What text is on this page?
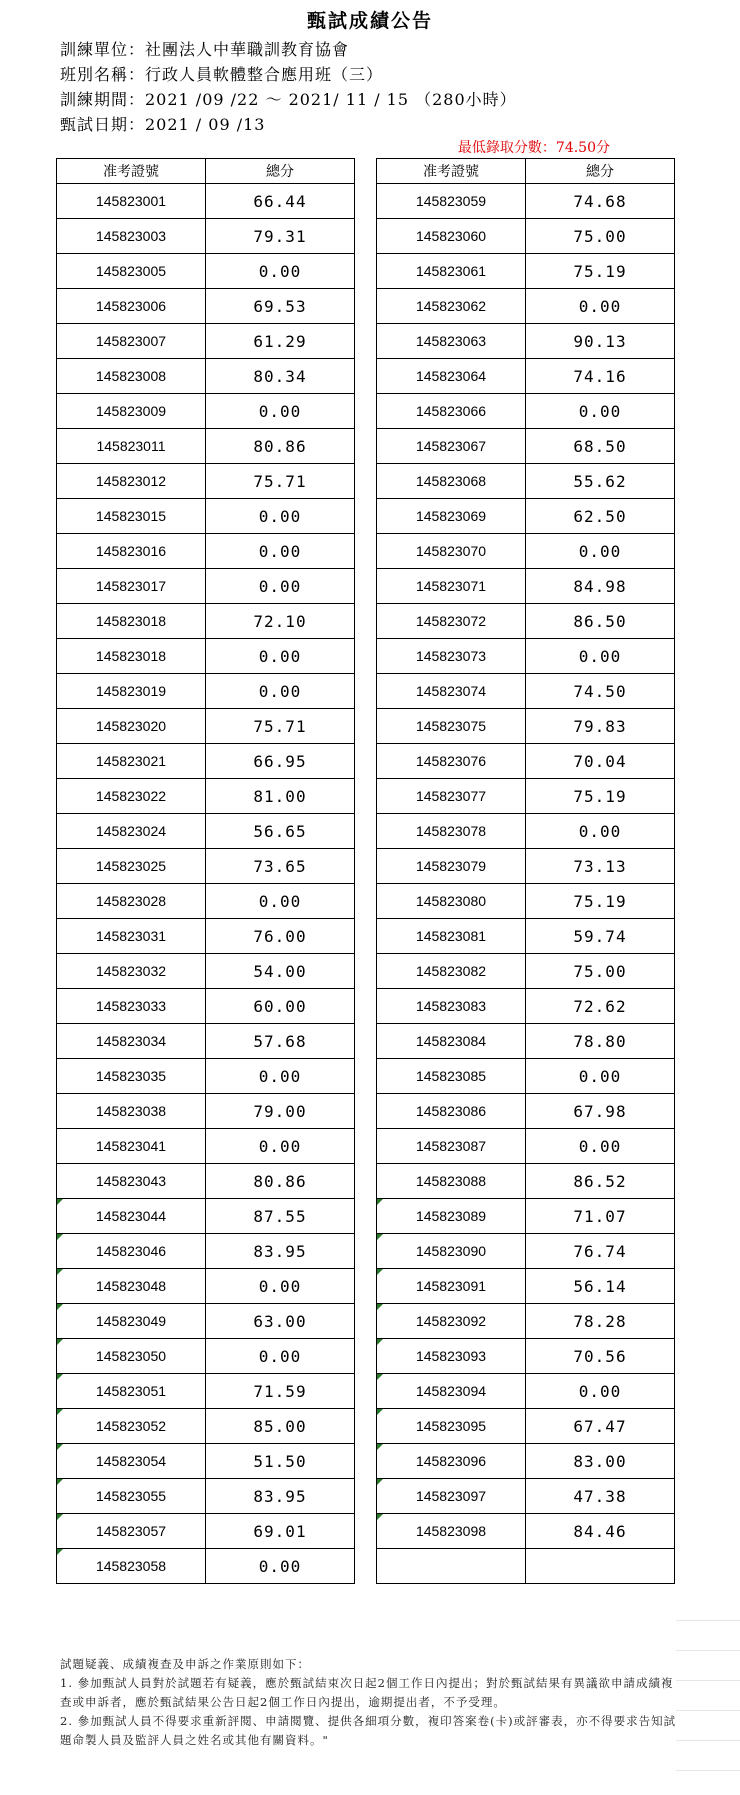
甄試成績公告
訓練單位：社團法人中華職訓教育協會
班別名稱：行政人員軟體整合應用班（三）
訓練期間：2021 /09 /22 ～ 2021/ 11 / 15 （280小時）
甄試日期：2021 / 09 /13
最低錄取分數：74.50分
准考證號	總分
145823001	66.44
145823003	79.31
145823005	0.00
145823006	69.53
145823007	61.29
145823008	80.34
145823009	0.00
145823011	80.86
145823012	75.71
145823015	0.00
145823016	0.00
145823017	0.00
145823018	72.10
145823018	0.00
145823019	0.00
145823020	75.71
145823021	66.95
145823022	81.00
145823024	56.65
145823025	73.65
145823028	0.00
145823031	76.00
145823032	54.00
145823033	60.00
145823034	57.68
145823035	0.00
145823038	79.00
145823041	0.00
145823043	80.86
145823044	87.55
145823046	83.95
145823048	0.00
145823049	63.00
145823050	0.00
145823051	71.59
145823052	85.00
145823054	51.50
145823055	83.95
145823057	69.01
145823058	0.00
准考證號	總分
145823059	74.68
145823060	75.00
145823061	75.19
145823062	0.00
145823063	90.13
145823064	74.16
145823066	0.00
145823067	68.50
145823068	55.62
145823069	62.50
145823070	0.00
145823071	84.98
145823072	86.50
145823073	0.00
145823074	74.50
145823075	79.83
145823076	70.04
145823077	75.19
145823078	0.00
145823079	73.13
145823080	75.19
145823081	59.74
145823082	75.00
145823083	72.62
145823084	78.80
145823085	0.00
145823086	67.98
145823087	0.00
145823088	86.52
145823089	71.07
145823090	76.74
145823091	56.14
145823092	78.28
145823093	70.56
145823094	0.00
145823095	67.47
145823096	83.00
145823097	47.38
145823098	84.46

試題疑義、成績複查及申訴之作業原則如下：
1. 參加甄試人員對於試題若有疑義，應於甄試結束次日起2個工作日內提出；對於甄試結果有異議欲申請成績複查或申訴者，應於甄試結果公告日起2個工作日內提出，逾期提出者，不予受理。
2. 參加甄試人員不得要求重新評閱、申請閱覽、提供各細項分數，複印答案卷(卡)或評審表，亦不得要求告知試題命製人員及監評人員之姓名或其他有關資料。"
